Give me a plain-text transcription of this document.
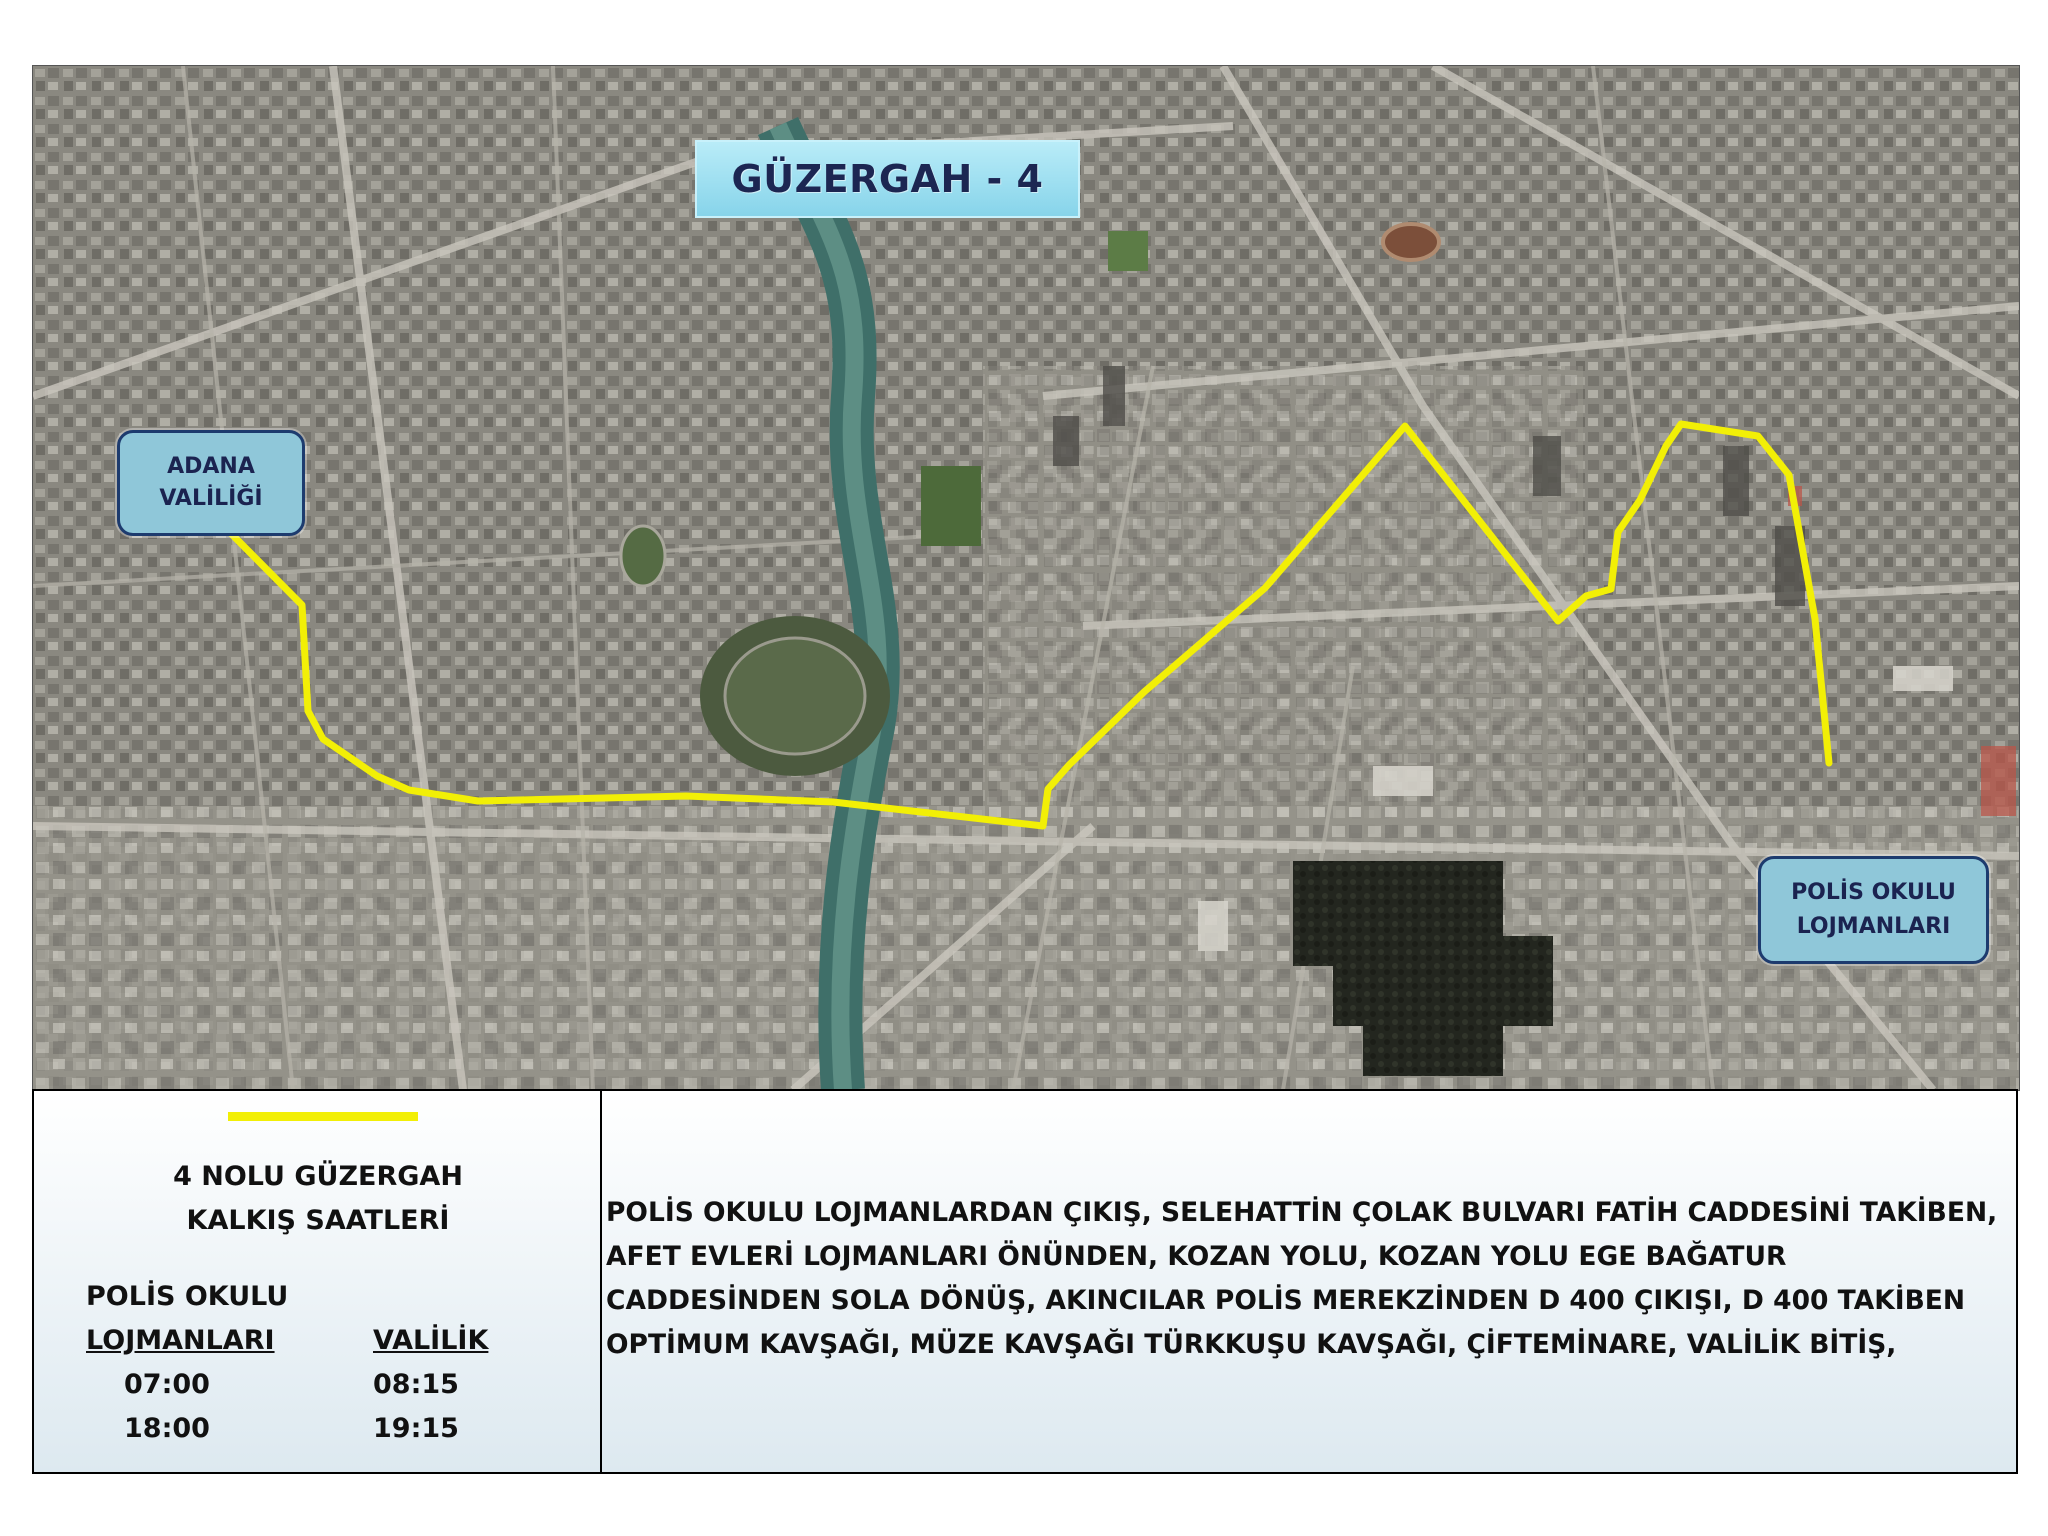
GÜZERGAH - 4
ADANA
VALİLİĞİ
POLİS OKULU
LOJMANLARI
4 NOLU GÜZERGAH
KALKIŞ SAATLERİ
POLİS OKULU
LOJMANLARI	VALİLİK
07:00	08:15
18:00	19:15

POLİS OKULU LOJMANLARDAN ÇIKIŞ, SELEHATTİN ÇOLAK BULVARI FATİH CADDESİNİ TAKİBEN, AFET EVLERİ LOJMANLARI ÖNÜNDEN, KOZAN YOLU, KOZAN YOLU EGE BAĞATUR CADDESİNDEN SOLA DÖNÜŞ, AKINCILAR POLİS MEREKZİNDEN D 400 ÇIKIŞI, D 400 TAKİBEN OPTİMUM KAVŞAĞI, MÜZE KAVŞAĞI TÜRKKUŞU KAVŞAĞI, ÇİFTEMİNARE, VALİLİK BİTİŞ,
